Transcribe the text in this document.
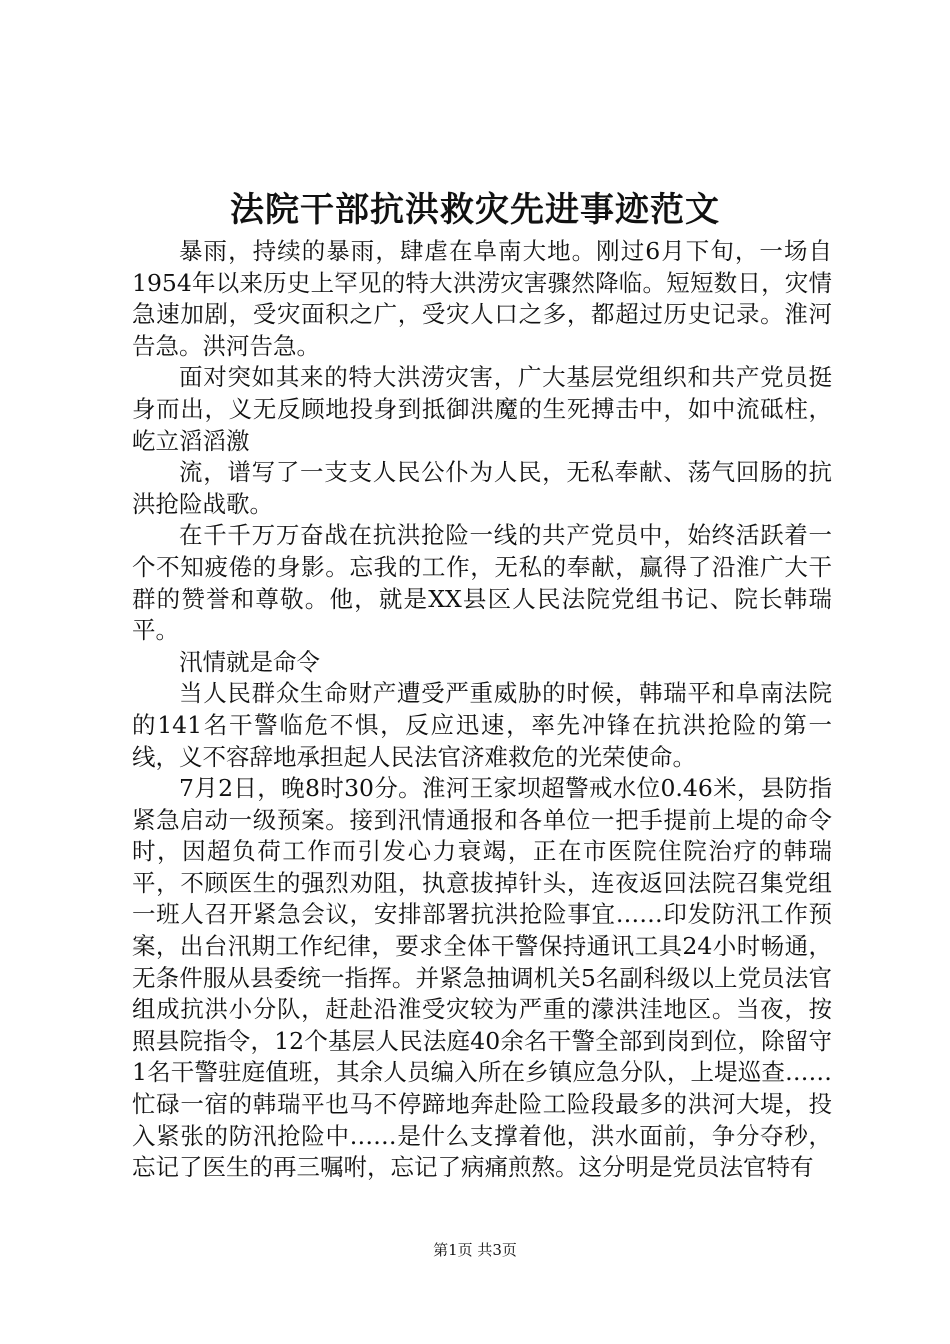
法院干部抗洪救灾先进事迹范文

暴雨，持续的暴雨，肆虐在阜南大地。刚过6月下旬，一场自1954年以来历史上罕见的特大洪涝灾害骤然降临。短短数日，灾情急速加剧，受灾面积之广，受灾人口之多，都超过历史记录。淮河告急。洪河告急。

面对突如其来的特大洪涝灾害，广大基层党组织和共产党员挺身而出，义无反顾地投身到抵御洪魔的生死搏击中，如中流砥柱，屹立滔滔激

流，谱写了一支支人民公仆为人民，无私奉献、荡气回肠的抗洪抢险战歌。

在千千万万奋战在抗洪抢险一线的共产党员中，始终活跃着一个不知疲倦的身影。忘我的工作，无私的奉献，赢得了沿淮广大干群的赞誉和尊敬。他，就是XX县区人民法院党组书记、院长韩瑞平。

汛情就是命令

当人民群众生命财产遭受严重威胁的时候，韩瑞平和阜南法院的141名干警临危不惧，反应迅速，率先冲锋在抗洪抢险的第一线，义不容辞地承担起人民法官济难救危的光荣使命。

7月2日，晚8时30分。淮河王家坝超警戒水位0.46米，县防指紧急启动一级预案。接到汛情通报和各单位一把手提前上堤的命令时，因超负荷工作而引发心力衰竭，正在市医院住院治疗的韩瑞平，不顾医生的强烈劝阻，执意拔掉针头，连夜返回法院召集党组一班人召开紧急会议，安排部署抗洪抢险事宜……印发防汛工作预案，出台汛期工作纪律，要求全体干警保持通讯工具24小时畅通，无条件服从县委统一指挥。并紧急抽调机关5名副科级以上党员法官组成抗洪小分队，赶赴沿淮受灾较为严重的濛洪洼地区。当夜，按照县院指令，12个基层人民法庭40余名干警全部到岗到位，除留守1名干警驻庭值班，其余人员编入所在乡镇应急分队，上堤巡查……忙碌一宿的韩瑞平也马不停蹄地奔赴险工险段最多的洪河大堤，投入紧张的防汛抢险中……是什么支撑着他，洪水面前，争分夺秒，忘记了医生的再三嘱咐，忘记了病痛煎熬。这分明是党员法官特有

第1页 共3页
